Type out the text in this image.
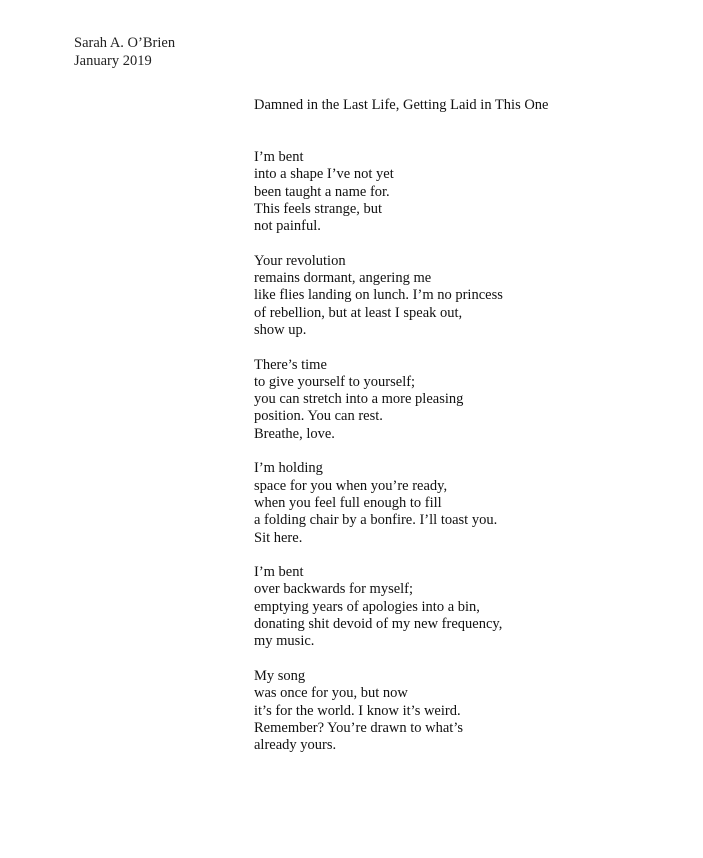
Sarah A. O’Brien
January 2019
Damned in the Last Life, Getting Laid in This One
I’m bent
into a shape I’ve not yet
been taught a name for.
This feels strange, but
not painful.
Your revolution
remains dormant, angering me
like flies landing on lunch. I’m no princess
of rebellion, but at least I speak out,
show up.
There’s time
to give yourself to yourself;
you can stretch into a more pleasing
position. You can rest.
Breathe, love.
I’m holding
space for you when you’re ready,
when you feel full enough to fill
a folding chair by a bonfire. I’ll toast you.
Sit here.
I’m bent
over backwards for myself;
emptying years of apologies into a bin,
donating shit devoid of my new frequency,
my music.
My song
was once for you, but now
it’s for the world. I know it’s weird.
Remember? You’re drawn to what’s
already yours.
